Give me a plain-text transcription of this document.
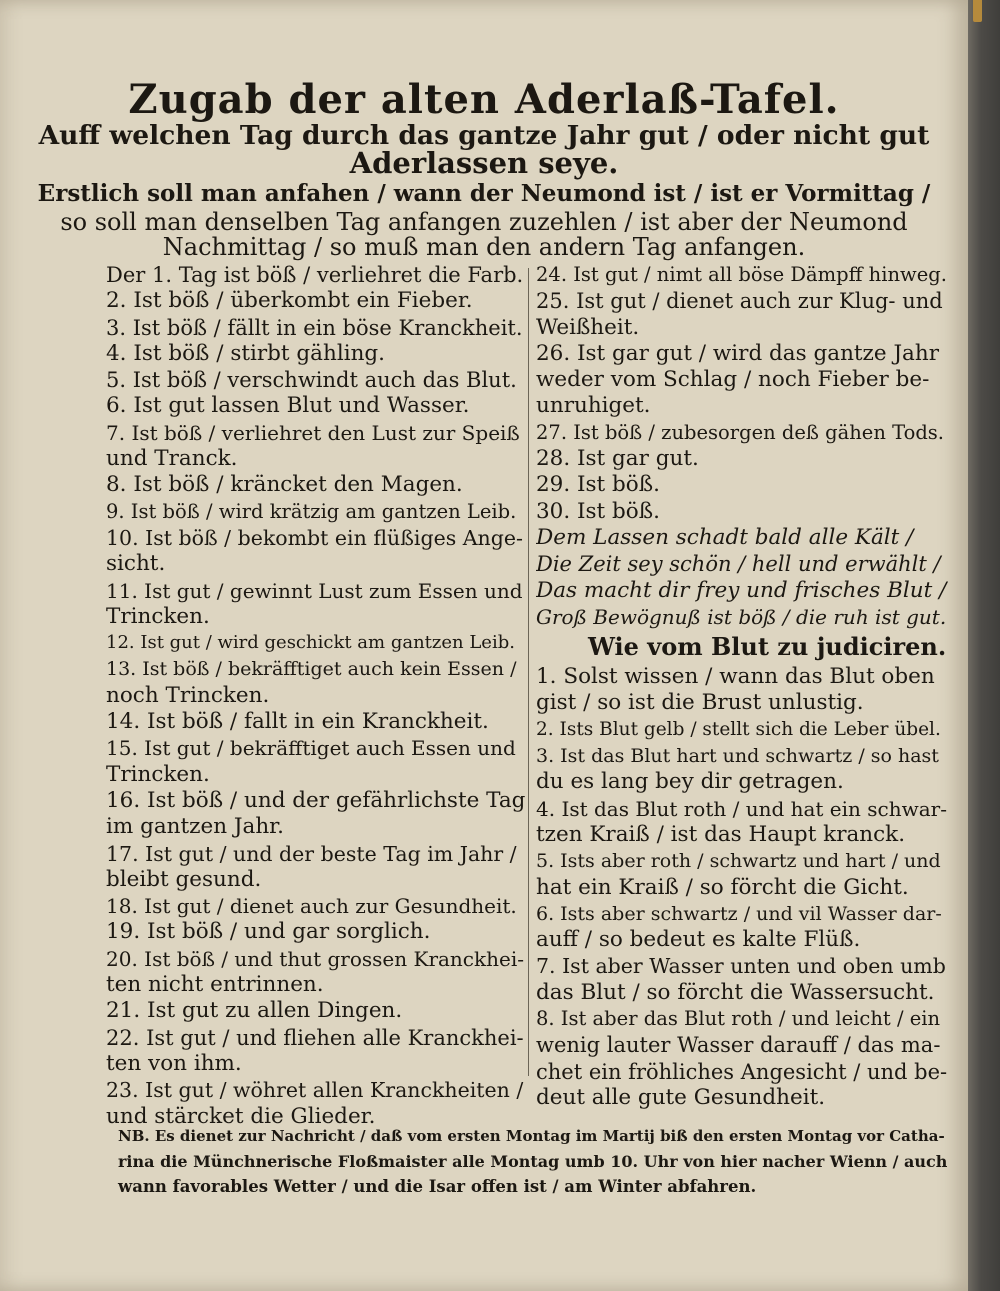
Zugab der alten Aderlaß-Tafel.
Auff welchen Tag durch das gantze Jahr gut / oder nicht gut
Aderlassen seye.
Erstlich soll man anfahen / wann der Neumond ist / ist er Vormittag /
so soll man denselben Tag anfangen zuzehlen / ist aber der Neumond
Nachmittag / so muß man den andern Tag anfangen.
Der 1. Tag ist böß / verliehret die Farb.
2. Ist böß / überkombt ein Fieber.
3. Ist böß / fällt in ein böse Kranckheit.
4. Ist böß / stirbt gähling.
5. Ist böß / verschwindt auch das Blut.
6. Ist gut lassen Blut und Wasser.
7. Ist böß / verliehret den Lust zur Speiß
und Tranck.
8. Ist böß / kräncket den Magen.
9. Ist böß / wird krätzig am gantzen Leib.
10. Ist böß / bekombt ein flüßiges Ange-
sicht.
11. Ist gut / gewinnt Lust zum Essen und
Trincken.
12. Ist gut / wird geschickt am gantzen Leib.
13. Ist böß / bekräfftiget auch kein Essen /
noch Trincken.
14. Ist böß / fallt in ein Kranckheit.
15. Ist gut / bekräfftiget auch Essen und
Trincken.
16. Ist böß / und der gefährlichste Tag
im gantzen Jahr.
17. Ist gut / und der beste Tag im Jahr /
bleibt gesund.
18. Ist gut / dienet auch zur Gesundheit.
19. Ist böß / und gar sorglich.
20. Ist böß / und thut grossen Kranckhei-
ten nicht entrinnen.
21. Ist gut zu allen Dingen.
22. Ist gut / und fliehen alle Kranckhei-
ten von ihm.
23. Ist gut / wöhret allen Kranckheiten /
und stärcket die Glieder.
24. Ist gut / nimt all böse Dämpff hinweg.
25. Ist gut / dienet auch zur Klug- und
Weißheit.
26. Ist gar gut / wird das gantze Jahr
weder vom Schlag / noch Fieber be-
unruhiget.
27. Ist böß / zubesorgen deß gähen Tods.
28. Ist gar gut.
29. Ist böß.
30. Ist böß.
Dem Lassen schadt bald alle Kält /
Die Zeit sey schön / hell und erwählt /
Das macht dir frey und frisches Blut /
Groß Bewögnuß ist böß / die ruh ist gut.
Wie vom Blut zu judiciren.
1. Solst wissen / wann das Blut oben
gist / so ist die Brust unlustig.
2. Ists Blut gelb / stellt sich die Leber übel.
3. Ist das Blut hart und schwartz / so hast
du es lang bey dir getragen.
4. Ist das Blut roth / und hat ein schwar-
tzen Kraiß / ist das Haupt kranck.
5. Ists aber roth / schwartz und hart / und
hat ein Kraiß / so förcht die Gicht.
6. Ists aber schwartz / und vil Wasser dar-
auff / so bedeut es kalte Flüß.
7. Ist aber Wasser unten und oben umb
das Blut / so förcht die Wassersucht.
8. Ist aber das Blut roth / und leicht / ein
wenig lauter Wasser darauff / das ma-
chet ein fröhliches Angesicht / und be-
deut alle gute Gesundheit.
NB. Es dienet zur Nachricht / daß vom ersten Montag im Martij biß den ersten Montag vor Catha-
rina die Münchnerische Floßmaister alle Montag umb 10. Uhr von hier nacher Wienn / auch
wann favorables Wetter / und die Isar offen ist / am Winter abfahren.
